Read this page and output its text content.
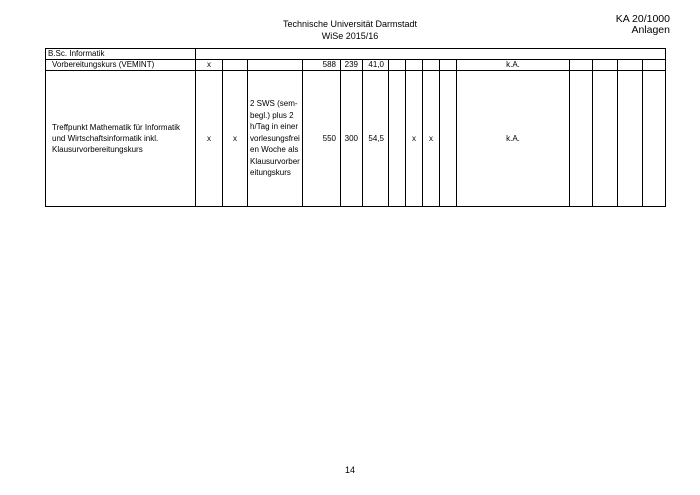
Technische Universität Darmstadt
WiSe 2015/16
KA 20/1000
Anlagen
B.Sc. Informatik															
Vorbereitungskurs (VEMINT)	x			588	239	41,0					k.A.				
Treffpunkt Mathematik für Informatik und Wirtschaftsinformatik inkl. Klausurvorbereitungskurs	x	x	2 SWS (sem-begl.) plus 2h/Tag in einer vorlesungsfreien Woche als Klausurvorbereitungskurs	550	300	54,5		x	x		k.A.				
14
